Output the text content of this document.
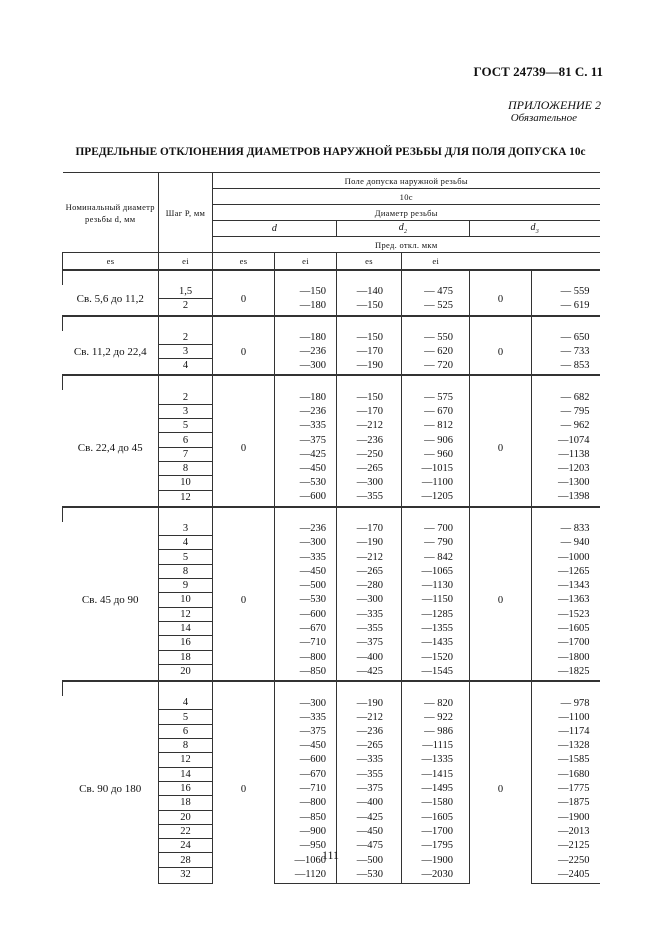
ГОСТ 24739—81 С. 11
ПРИЛОЖЕНИЕ 2
Обязательное
ПРЕДЕЛЬНЫЕ ОТКЛОНЕНИЯ ДИАМЕТРОВ НАРУЖНОЙ РЕЗЬБЫ ДЛЯ ПОЛЯ ДОПУСКА 10с
Номинальный диаметр резьбы d, мм	Шаг P, мм	Поле допуска наружной резьбы					
		10с					
		Диаметр резьбы					
		d		$d_2$		$d_3$
		Пред. откл. мкм					
es	ei	es	ei	es	ei		

Св. 5,6 до 11,2	1,5	0	—150	—140	— 475	0	— 559
	2		—180	—150	— 525		— 619

Св. 11,2 до 22,4	2	0	—180	—150	— 550	0	— 650
	3		—236	—170	— 620		— 733
	4		—300	—190	— 720		— 853

Св. 22,4 до 45	2	0	—180	—150	— 575	0	— 682
	3		—236	—170	— 670		— 795
	5		—335	—212	— 812		— 962
	6		—375	—236	— 906		—1074
	7		—425	—250	— 960		—1138
	8		—450	—265	—1015		—1203
	10		—530	—300	—1100		—1300
	12		—600	—355	—1205		—1398

Св. 45 до 90	3	0	—236	—170	— 700	0	— 833
	4		—300	—190	— 790		— 940
	5		—335	—212	— 842		—1000
	8		—450	—265	—1065		—1265
	9		—500	—280	—1130		—1343
	10		—530	—300	—1150		—1363
	12		—600	—335	—1285		—1523
	14		—670	—355	—1355		—1605
	16		—710	—375	—1435		—1700
	18		—800	—400	—1520		—1800
	20		—850	—425	—1545		—1825

Св. 90 до 180	4	0	—300	—190	— 820	0	— 978
	5		—335	—212	— 922		—1100
	6		—375	—236	— 986		—1174
	8		—450	—265	—1115		—1328
	12		—600	—335	—1335		—1585
	14		—670	—355	—1415		—1680
	16		—710	—375	—1495		—1775
	18		—800	—400	—1580		—1875
	20		—850	—425	—1605		—1900
	22		—900	—450	—1700		—2013
	24		—950	—475	—1795		—2125
	28		—1060	—500	—1900		—2250
	32		—1120	—530	—2030		—2405
111
